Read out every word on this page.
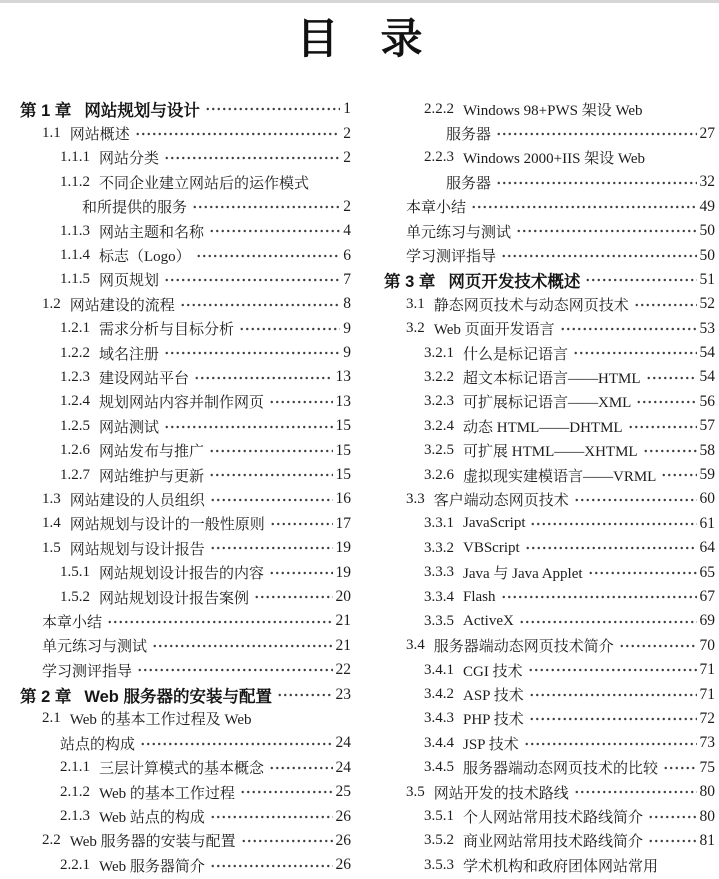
目　录
第 1 章 网站规划与设计	1
1.1 网站概述	2
1.1.1 网站分类	2
1.1.2 不同企业建立网站后的运作模式
和所提供的服务	2
1.1.3 网站主题和名称	4
1.1.4 标志（Logo）	6
1.1.5 网页规划	7
1.2 网站建设的流程	8
1.2.1 需求分析与目标分析	9
1.2.2 域名注册	9
1.2.3 建设网站平台	13
1.2.4 规划网站内容并制作网页	13
1.2.5 网站测试	15
1.2.6 网站发布与推广	15
1.2.7 网站维护与更新	15
1.3 网站建设的人员组织	16
1.4 网站规划与设计的一般性原则	17
1.5 网站规划与设计报告	19
1.5.1 网站规划设计报告的内容	19
1.5.2 网站规划设计报告案例	20
本章小结	21
单元练习与测试	21
学习测评指导	22
第 2 章 Web 服务器的安装与配置	23
2.1 Web 的基本工作过程及 Web
站点的构成	24
2.1.1 三层计算模式的基本概念	24
2.1.2 Web 的基本工作过程	25
2.1.3 Web 站点的构成	26
2.2 Web 服务器的安装与配置	26
2.2.1 Web 服务器简介	26
2.2.2 Windows 98+PWS 架设 Web
服务器	27
2.2.3 Windows 2000+IIS 架设 Web
服务器	32
本章小结	49
单元练习与测试	50
学习测评指导	50
第 3 章 网页开发技术概述	51
3.1 静态网页技术与动态网页技术	52
3.2 Web 页面开发语言	53
3.2.1 什么是标记语言	54
3.2.2 超文本标记语言——HTML	54
3.2.3 可扩展标记语言——XML	56
3.2.4 动态 HTML——DHTML	57
3.2.5 可扩展 HTML——XHTML	58
3.2.6 虚拟现实建模语言——VRML	59
3.3 客户端动态网页技术	60
3.3.1 JavaScript	61
3.3.2 VBScript	64
3.3.3 Java 与 Java Applet	65
3.3.4 Flash	67
3.3.5 ActiveX	69
3.4 服务器端动态网页技术简介	70
3.4.1 CGI 技术	71
3.4.2 ASP 技术	71
3.4.3 PHP 技术	72
3.4.4 JSP 技术	73
3.4.5 服务器端动态网页技术的比较	75
3.5 网站开发的技术路线	80
3.5.1 个人网站常用技术路线简介	80
3.5.2 商业网站常用技术路线简介	81
3.5.3 学术机构和政府团体网站常用
